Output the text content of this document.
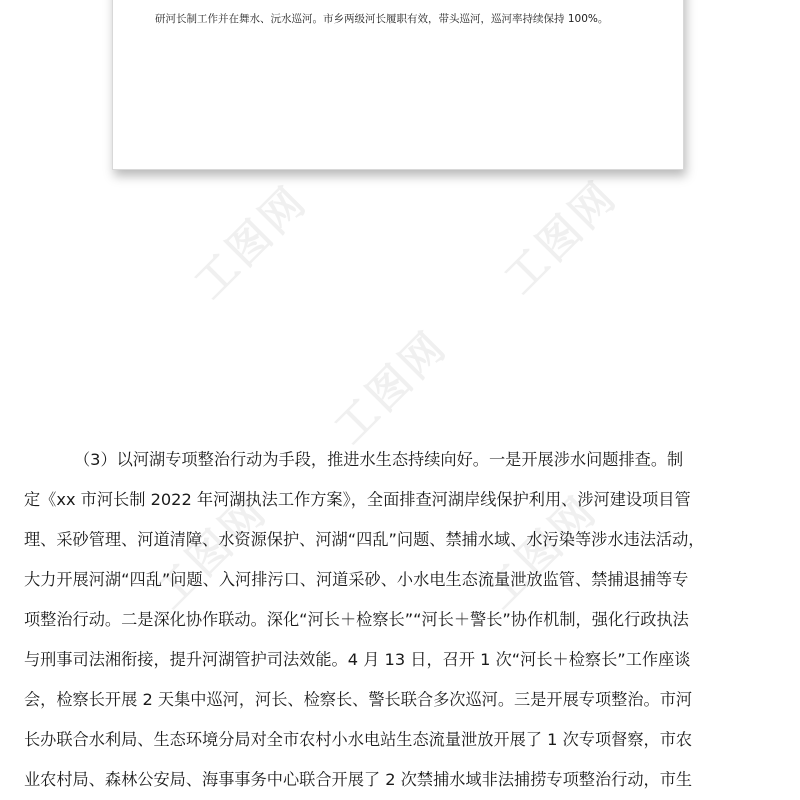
研河长制工作并在舞水、沅水巡河。市乡两级河长履职有效，带头巡河，巡河率持续保持 100%。
工图网	工图网
工图网
工图网	工图网
（3）以河湖专项整治行动为手段，推进水生态持续向好。一是开展涉水问题排查。制
定《xx 市河长制 2022 年河湖执法工作方案》，全面排查河湖岸线保护利用、涉河建设项目管
理、采砂管理、河道清障、水资源保护、河湖“四乱”问题、禁捕水域、水污染等涉水违法活动，
大力开展河湖“四乱”问题、入河排污口、河道采砂、小水电生态流量泄放监管、禁捕退捕等专
项整治行动。二是深化协作联动。深化“河长＋检察长”“河长＋警长”协作机制，强化行政执法
与刑事司法湘衔接，提升河湖管护司法效能。4 月 13 日，召开 1 次“河长＋检察长”工作座谈
会，检察长开展 2 天集中巡河，河长、检察长、警长联合多次巡河。三是开展专项整治。市河
长办联合水利局、生态环境分局对全市农村小水电站生态流量泄放开展了 1 次专项督察，市农
业农村局、森林公安局、海事事务中心联合开展了 2 次禁捕水域非法捕捞专项整治行动，市生
